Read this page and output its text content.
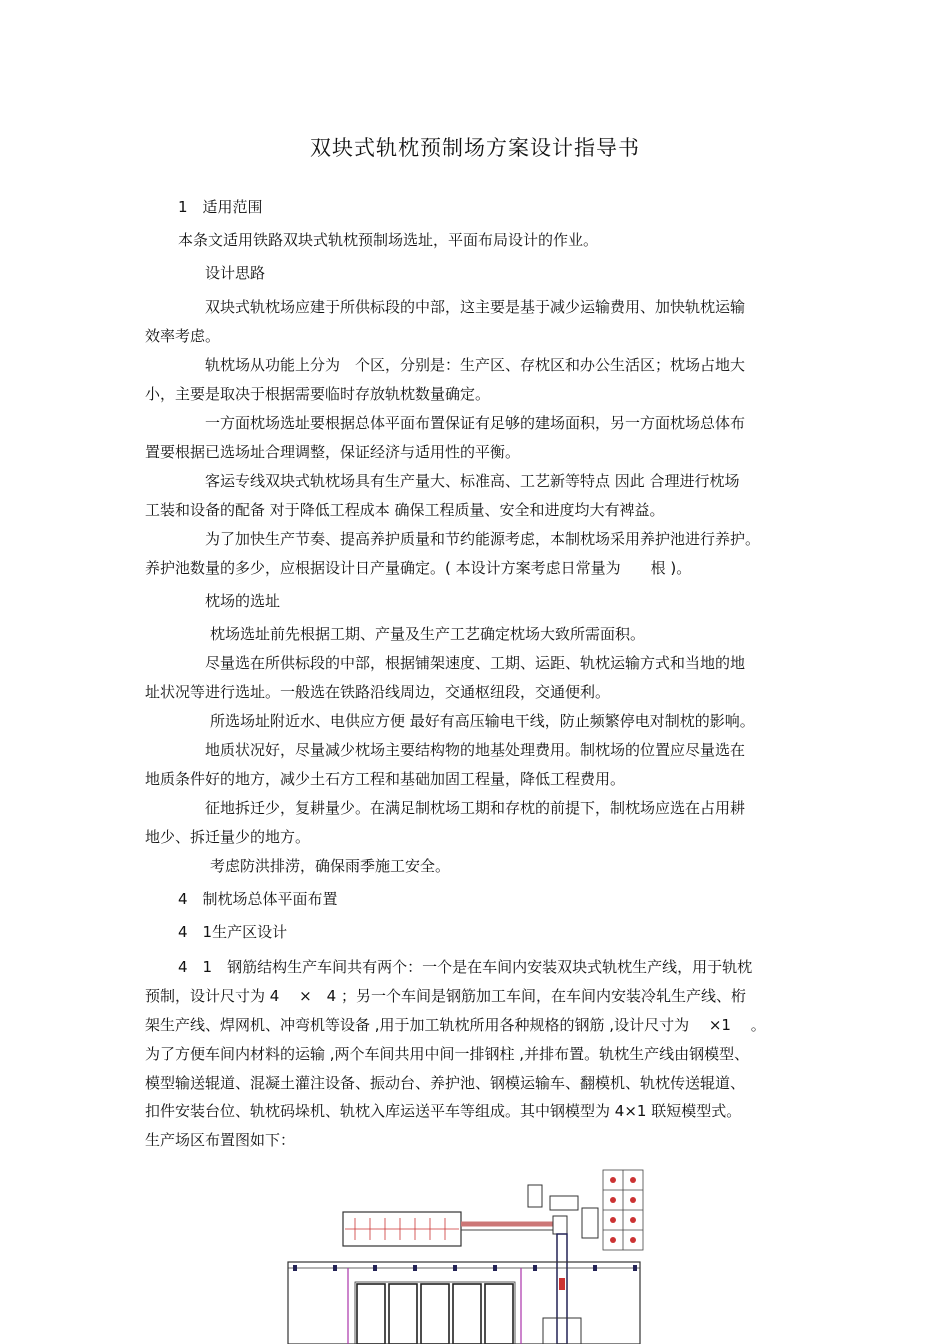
双块式轨枕预制场方案设计指导书
1　适用范围
本条文适用铁路双块式轨枕预制场选址，平面布局设计的作业。
设计思路
双块式轨枕场应建于所供标段的中部，这主要是基于减少运输费用、加快轨枕运输
效率考虑。
轨枕场从功能上分为　个区，分别是：生产区、存枕区和办公生活区；枕场占地大
小，主要是取决于根据需要临时存放轨枕数量确定。
一方面枕场选址要根据总体平面布置保证有足够的建场面积，另一方面枕场总体布
置要根据已选场址合理调整，保证经济与适用性的平衡。
客运专线双块式轨枕场具有生产量大、标准高、工艺新等特点 因此 合理进行枕场
工装和设备的配备 对于降低工程成本 确保工程质量、安全和进度均大有裨益。
为了加快生产节奏、提高养护质量和节约能源考虑，本制枕场采用养护池进行养护。
养护池数量的多少，应根据设计日产量确定。( 本设计方案考虑日常量为　　根 )。
枕场的选址
枕场选址前先根据工期、产量及生产工艺确定枕场大致所需面积。
尽量选在所供标段的中部，根据铺架速度、工期、运距、轨枕运输方式和当地的地
址状况等进行选址。一般选在铁路沿线周边，交通枢纽段，交通便利。
所选场址附近水、电供应方便 最好有高压输电干线，防止频繁停电对制枕的影响。
地质状况好，尽量减少枕场主要结构物的地基处理费用。制枕场的位置应尽量选在
地质条件好的地方，减少土石方工程和基础加固工程量，降低工程费用。
征地拆迁少，复耕量少。在满足制枕场工期和存枕的前提下，制枕场应选在占用耕
地少、拆迁量少的地方。
考虑防洪排涝，确保雨季施工安全。
4　制枕场总体平面布置
4　1生产区设计
4　1　钢筋结构生产车间共有两个：一个是在车间内安装双块式轨枕生产线，用于轨枕
预制，设计尺寸为 4　 ×　4 ；另一个车间是钢筋加工车间，在车间内安装冷轧生产线、桁
架生产线、焊网机、冲弯机等设备 ,用于加工轨枕所用各种规格的钢筋 ,设计尺寸为　 ×1　 。
为了方便车间内材料的运输 ,两个车间共用中间一排钢柱 ,并排布置。轨枕生产线由钢模型、
模型输送辊道、混凝土灌注设备、振动台、养护池、钢模运输车、翻模机、轨枕传送辊道、
扣件安装台位、轨枕码垛机、轨枕入库运送平车等组成。其中钢模型为 4×1 联短模型式。
生产场区布置图如下：
